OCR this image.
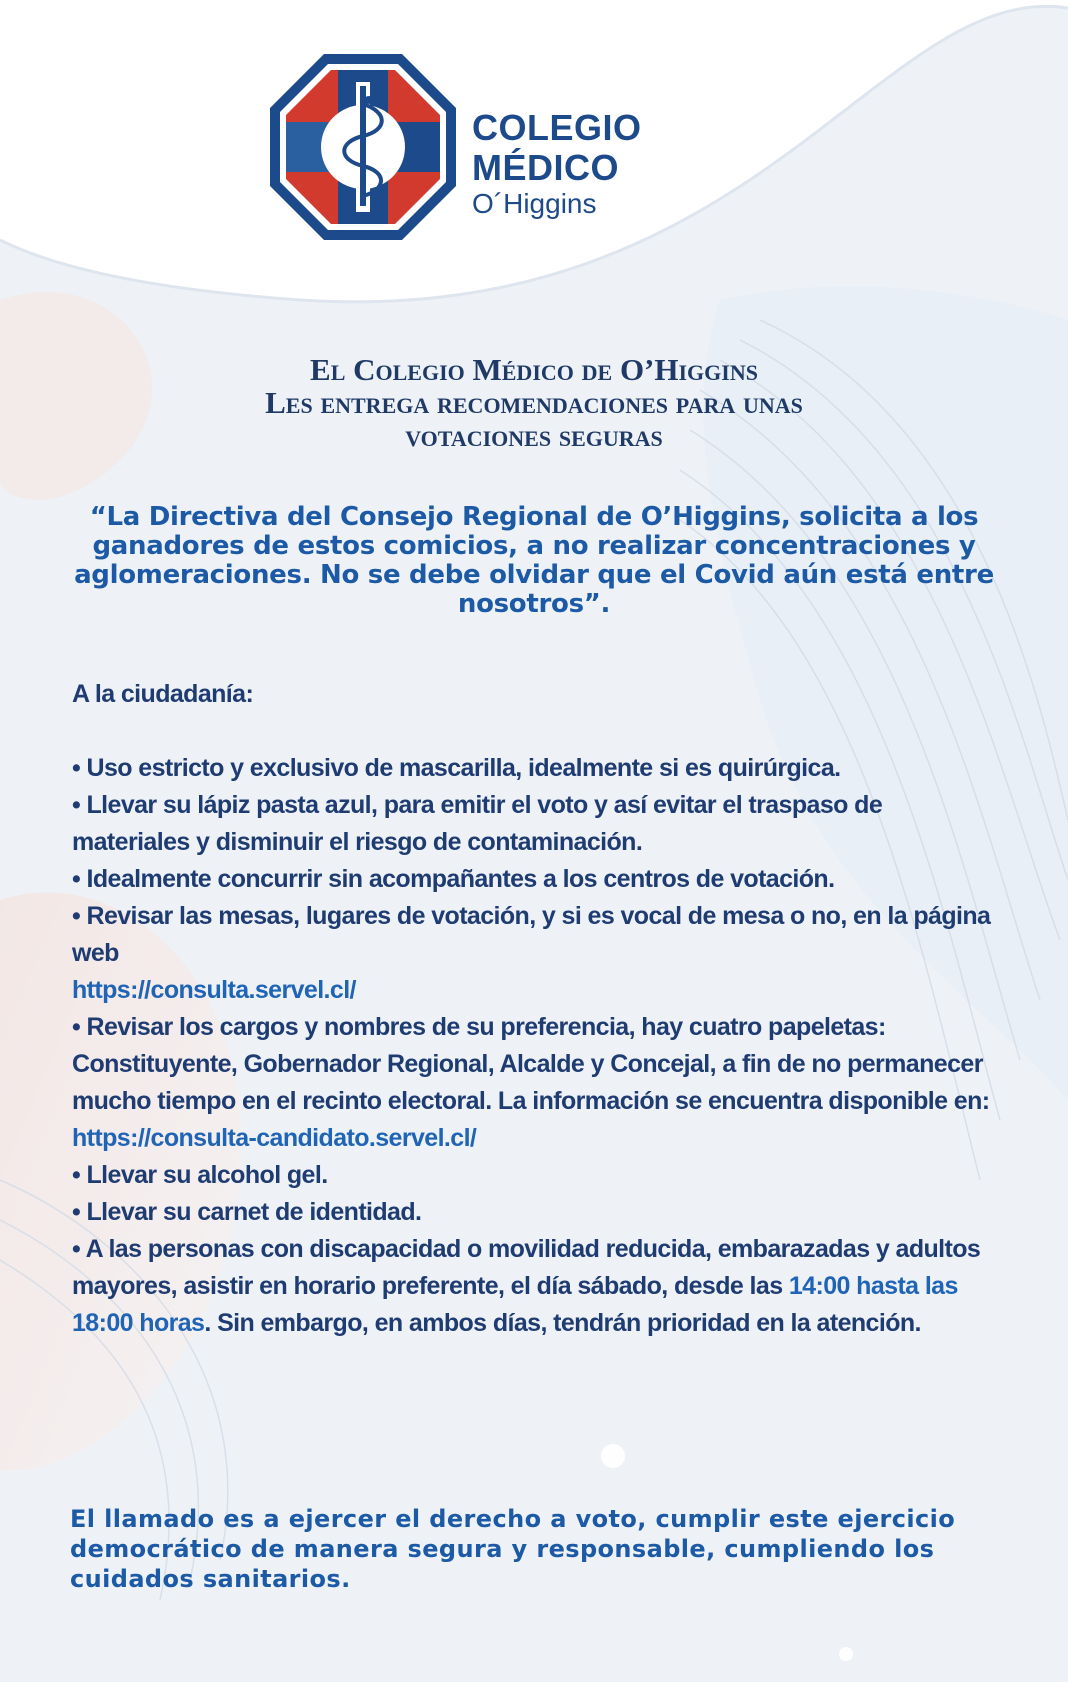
COLEGIO MÉDICO
O´Higgins
El Colegio Médico de O’Higgins
Les entrega recomendaciones para unas
votaciones seguras
“La Directiva del Consejo Regional de O’Higgins, solicita a los ganadores de estos comicios, a no realizar concentraciones y aglomeraciones. No se debe olvidar que el Covid aún está entre nosotros”.

A la ciudadanía:

• Uso estricto y exclusivo de mascarilla, idealmente si es quirúrgica.

• Llevar su lápiz pasta azul, para emitir el voto y así evitar el traspaso de materiales y disminuir el riesgo de contaminación.

• Idealmente concurrir sin acompañantes a los centros de votación.

• Revisar las mesas, lugares de votación, y si es vocal de mesa o no, en la página web

https://consulta.servel.cl/

• Revisar los cargos y nombres de su preferencia, hay cuatro papeletas: Constituyente, Gobernador Regional, Alcalde y Concejal, a fin de no permanecer mucho tiempo en el recinto electoral. La información se encuentra disponible en:

https://consulta-candidato.servel.cl/

• Llevar su alcohol gel.

• Llevar su carnet de identidad.

• A las personas con discapacidad o movilidad reducida, embarazadas y adultos mayores, asistir en horario preferente, el día sábado, desde las 14:00 hasta las 18:00 horas. Sin embargo, en ambos días, tendrán prioridad en la atención.

El llamado es a ejercer el derecho a voto, cumplir este ejercicio democrático de manera segura y responsable, cumpliendo los cuidados sanitarios.
